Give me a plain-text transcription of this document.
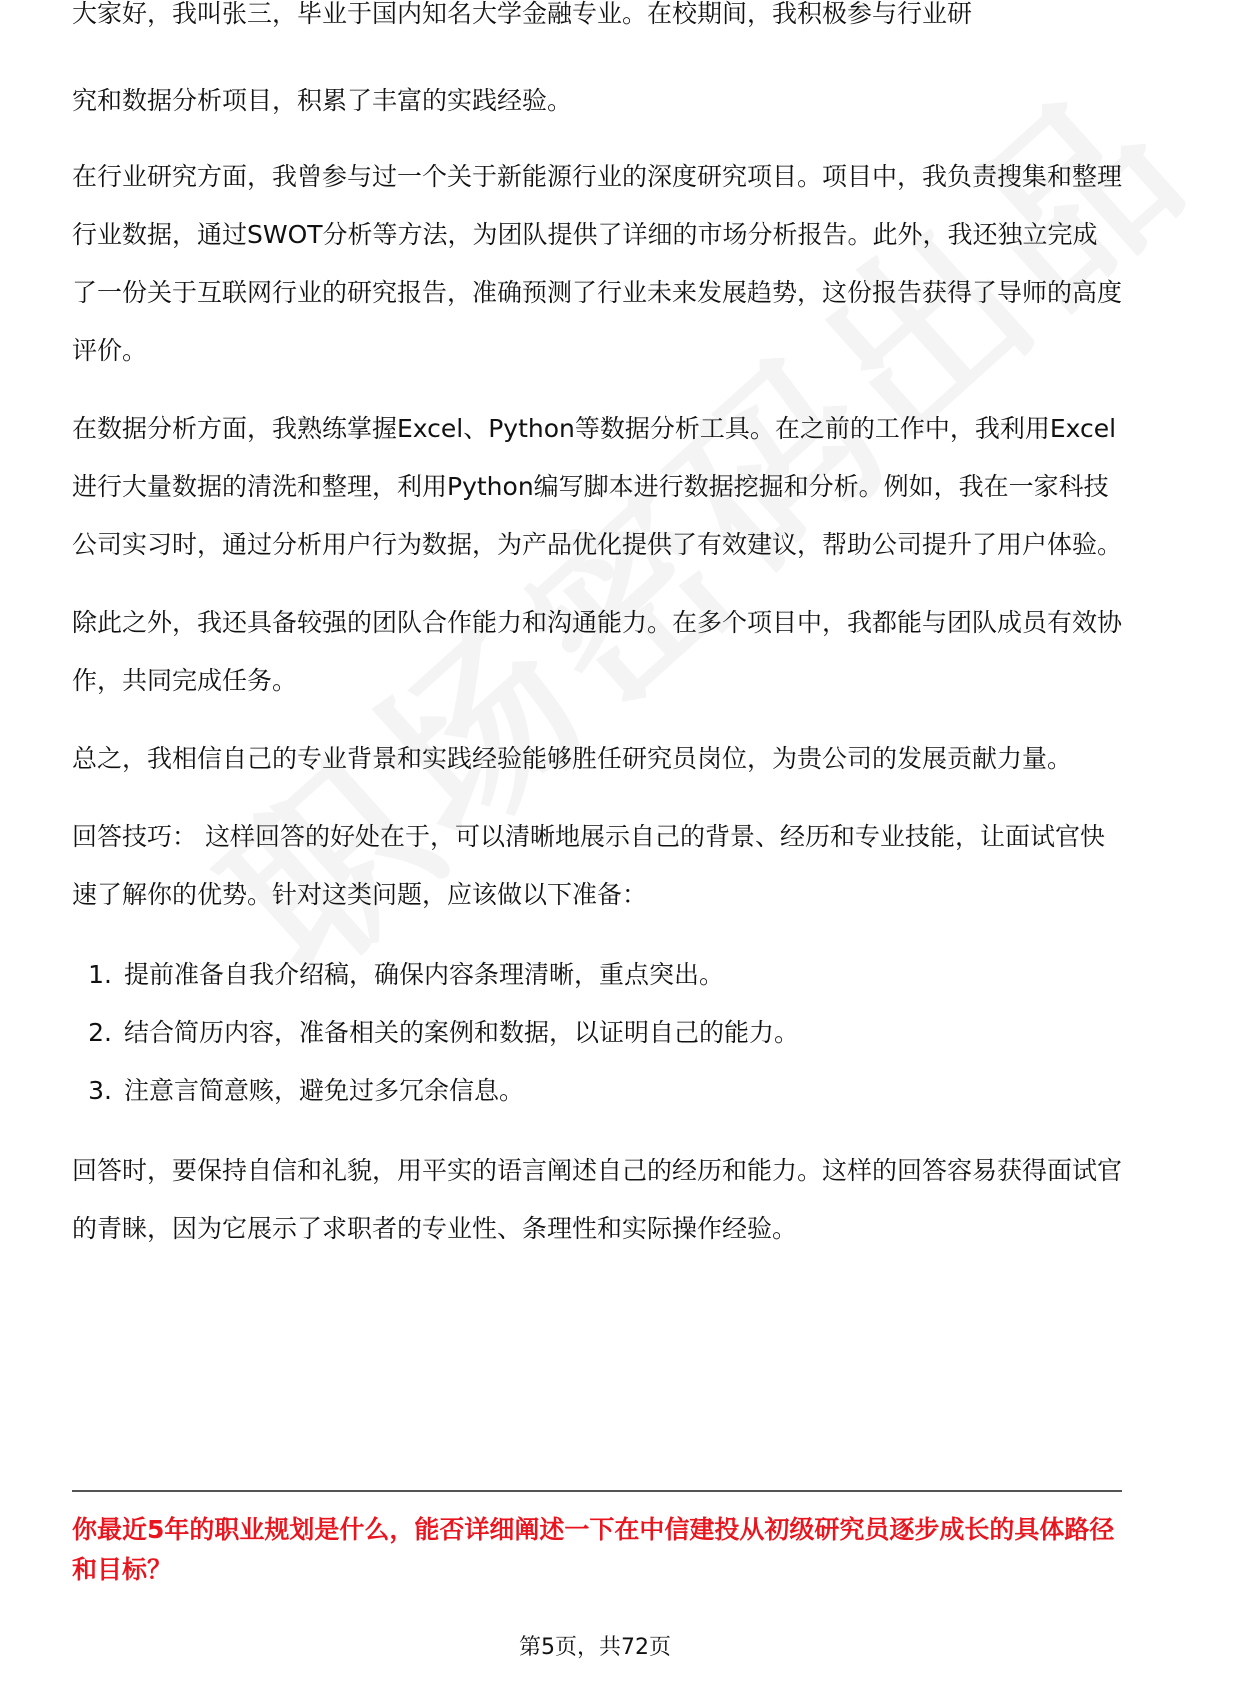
大家好，我叫张三，毕业于国内知名大学金融专业。在校期间，我积极参与行业研

究和数据分析项目，积累了丰富的实践经验。

在行业研究方面，我曾参与过一个关于新能源行业的深度研究项目。项目中，我负责搜集和整理行业数据，通过SWOT分析等方法，为团队提供了详细的市场分析报告。此外，我还独立完成了一份关于互联网行业的研究报告，准确预测了行业未来发展趋势，这份报告获得了导师的高度评价。

在数据分析方面，我熟练掌握Excel、Python等数据分析工具。在之前的工作中，我利用Excel进行大量数据的清洗和整理，利用Python编写脚本进行数据挖掘和分析。例如，我在一家科技公司实习时，通过分析用户行为数据，为产品优化提供了有效建议，帮助公司提升了用户体验。

除此之外，我还具备较强的团队合作能力和沟通能力。在多个项目中，我都能与团队成员有效协作，共同完成任务。

总之，我相信自己的专业背景和实践经验能够胜任研究员岗位，为贵公司的发展贡献力量。

回答技巧： 这样回答的好处在于，可以清晰地展示自己的背景、经历和专业技能，让面试官快速了解你的优势。针对这类问题，应该做以下准备：

1. 提前准备自我介绍稿，确保内容条理清晰，重点突出。
2. 结合简历内容，准备相关的案例和数据，以证明自己的能力。
3. 注意言简意赅，避免过多冗余信息。

回答时，要保持自信和礼貌，用平实的语言阐述自己的经历和能力。这样的回答容易获得面试官的青睐，因为它展示了求职者的专业性、条理性和实际操作经验。

你最近5年的职业规划是什么，能否详细阐述一下在中信建投从初级研究员逐步成长的具体路径和目标？
第5页，共72页
